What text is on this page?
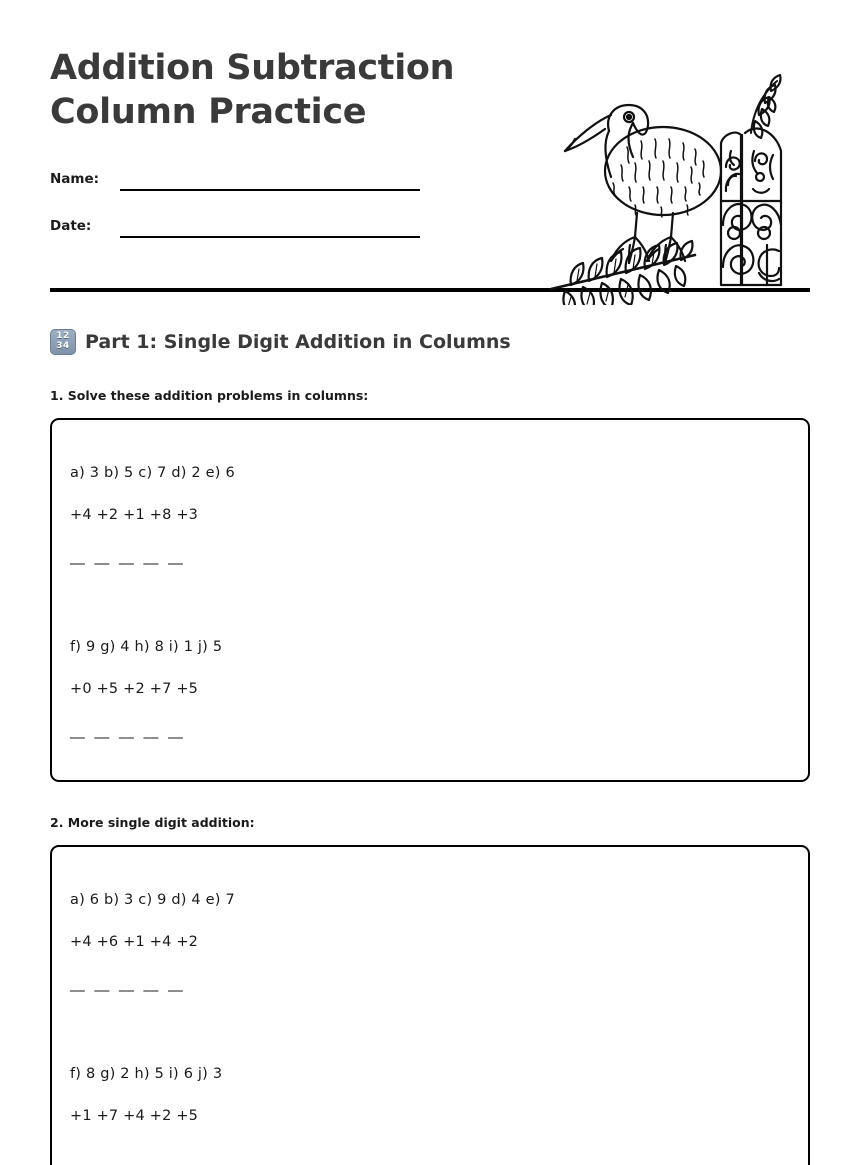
Addition Subtraction Column Practice
Name:
Date:
12
34 Part 1: Single Digit Addition in Columns
1. Solve these addition problems in columns:
a) 3 b) 5 c) 7 d) 2 e) 6
+4 +2 +1 +8 +3
__  __  __  __  __
f) 9 g) 4 h) 8 i) 1 j) 5
+0 +5 +2 +7 +5
__  __  __  __  __
2. More single digit addition:
a) 6 b) 3 c) 9 d) 4 e) 7
+4 +6 +1 +4 +2
__  __  __  __  __
f) 8 g) 2 h) 5 i) 6 j) 3
+1 +7 +4 +2 +5
